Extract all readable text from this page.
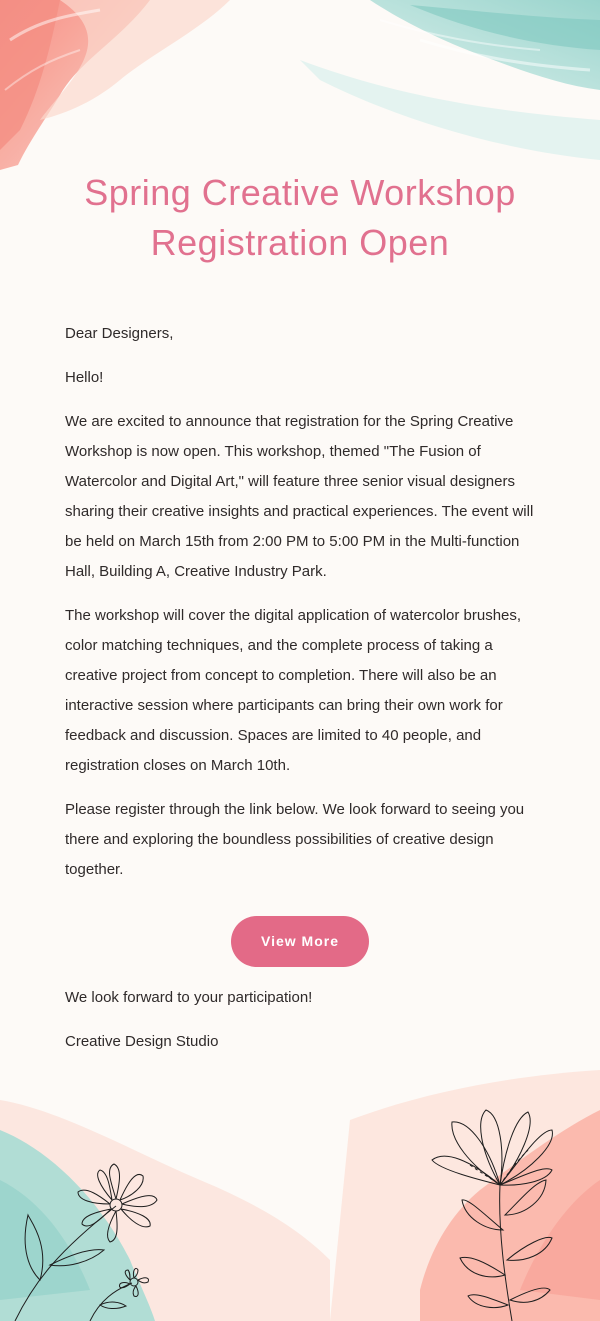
Spring Creative Workshop
Registration Open

Dear Designers,

Hello!

We are excited to announce that registration for the Spring Creative Workshop is now open. This workshop, themed "The Fusion of Watercolor and Digital Art," will feature three senior visual designers sharing their creative insights and practical experiences. The event will be held on March 15th from 2:00 PM to 5:00 PM in the Multi-function Hall, Building A, Creative Industry Park.

The workshop will cover the digital application of watercolor brushes, color matching techniques, and the complete process of taking a creative project from concept to completion. There will also be an interactive session where participants can bring their own work for feedback and discussion. Spaces are limited to 40 people, and registration closes on March 10th.

Please register through the link below. We look forward to seeing you there and exploring the boundless possibilities of creative design together.

View More

We look forward to your participation!

Creative Design Studio
